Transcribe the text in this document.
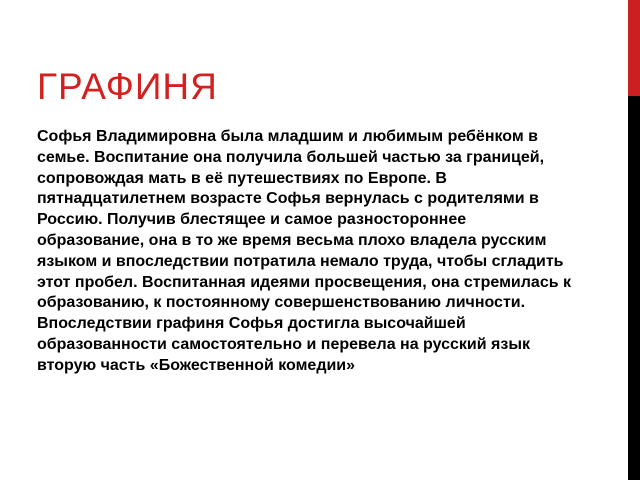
ГРАФИНЯ

Софья Владимировна была младшим и любимым ребёнком в семье. Воспитание она получила большей частью за границей, сопровождая мать в её путешествиях по Европе. В пятнадцатилетнем возрасте Софья вернулась с родителями в Россию. Получив блестящее и самое разностороннее образование, она в то же время весьма плохо владела русским языком и впоследствии потратила немало труда, чтобы сгладить этот пробел. Воспитанная идеями просвещения, она стремилась к образованию, к постоянному совершенствованию личности. Впоследствии графиня Софья достигла высочайшей образованности самостоятельно и перевела на русский язык вторую часть «Божественной комедии»
